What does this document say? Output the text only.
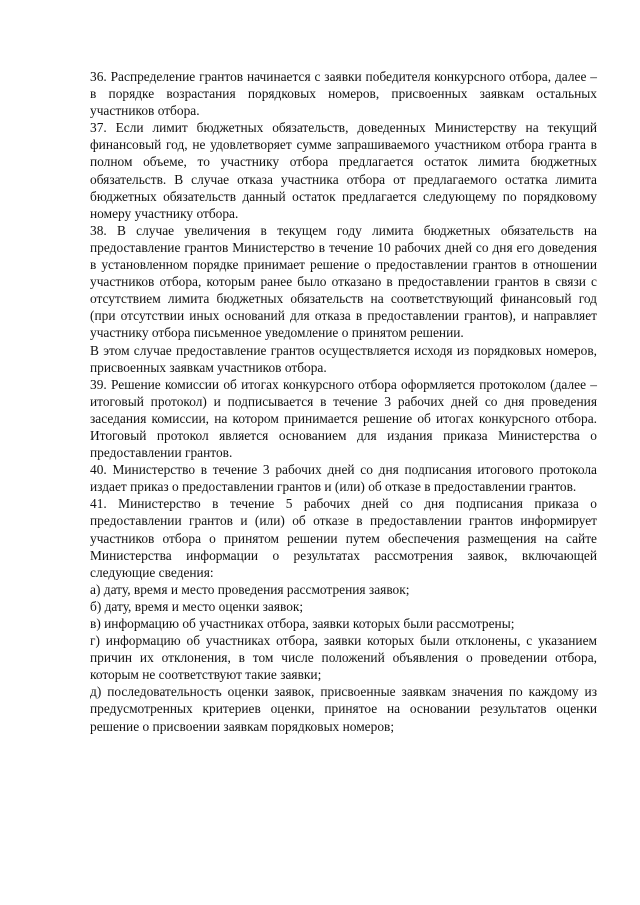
36. Распределение грантов начинается с заявки победителя конкурсного отбора, далее – в порядке возрастания порядковых номеров, присвоенных заявкам остальных участников отбора.

37. Если лимит бюджетных обязательств, доведенных Министерству на текущий финансовый год, не удовлетворяет сумме запрашиваемого участником отбора гранта в полном объеме, то участнику отбора предлагается остаток лимита бюджетных обязательств. В случае отказа участника отбора от предлагаемого остатка лимита бюджетных обязательств данный остаток предлагается следующему по порядковому номеру участнику отбора.

38. В случае увеличения в текущем году лимита бюджетных обязательств на предоставление грантов Министерство в течение 10 рабочих дней со дня его доведения в установленном порядке принимает решение о предоставлении грантов в отношении участников отбора, которым ранее было отказано в предоставлении грантов в связи с отсутствием лимита бюджетных обязательств на соответствующий финансовый год (при отсутствии иных оснований для отказа в предоставлении грантов), и направляет участнику отбора письменное уведомление о принятом решении.

В этом случае предоставление грантов осуществляется исходя из порядковых номеров, присвоенных заявкам участников отбора.

39. Решение комиссии об итогах конкурсного отбора оформляется протоколом (далее – итоговый протокол) и подписывается в течение 3 рабочих дней со дня проведения заседания комиссии, на котором принимается решение об итогах конкурсного отбора. Итоговый протокол является основанием для издания приказа Министерства о предоставлении грантов.

40. Министерство в течение 3 рабочих дней со дня подписания итогового протокола издает приказ о предоставлении грантов и (или) об отказе в предоставлении грантов.

41. Министерство в течение 5 рабочих дней со дня подписания приказа о предоставлении грантов и (или) об отказе в предоставлении грантов информирует участников отбора о принятом решении путем обеспечения размещения на сайте Министерства информации о результатах рассмотрения заявок, включающей следующие сведения:

а) дату, время и место проведения рассмотрения заявок;

б) дату, время и место оценки заявок;

в) информацию об участниках отбора, заявки которых были рассмотрены;

г) информацию об участниках отбора, заявки которых были отклонены, с указанием причин их отклонения, в том числе положений объявления о проведении отбора, которым не соответствуют такие заявки;

д) последовательность оценки заявок, присвоенные заявкам значения по каждому из предусмотренных критериев оценки, принятое на основании результатов оценки решение о присвоении заявкам порядковых номеров;
